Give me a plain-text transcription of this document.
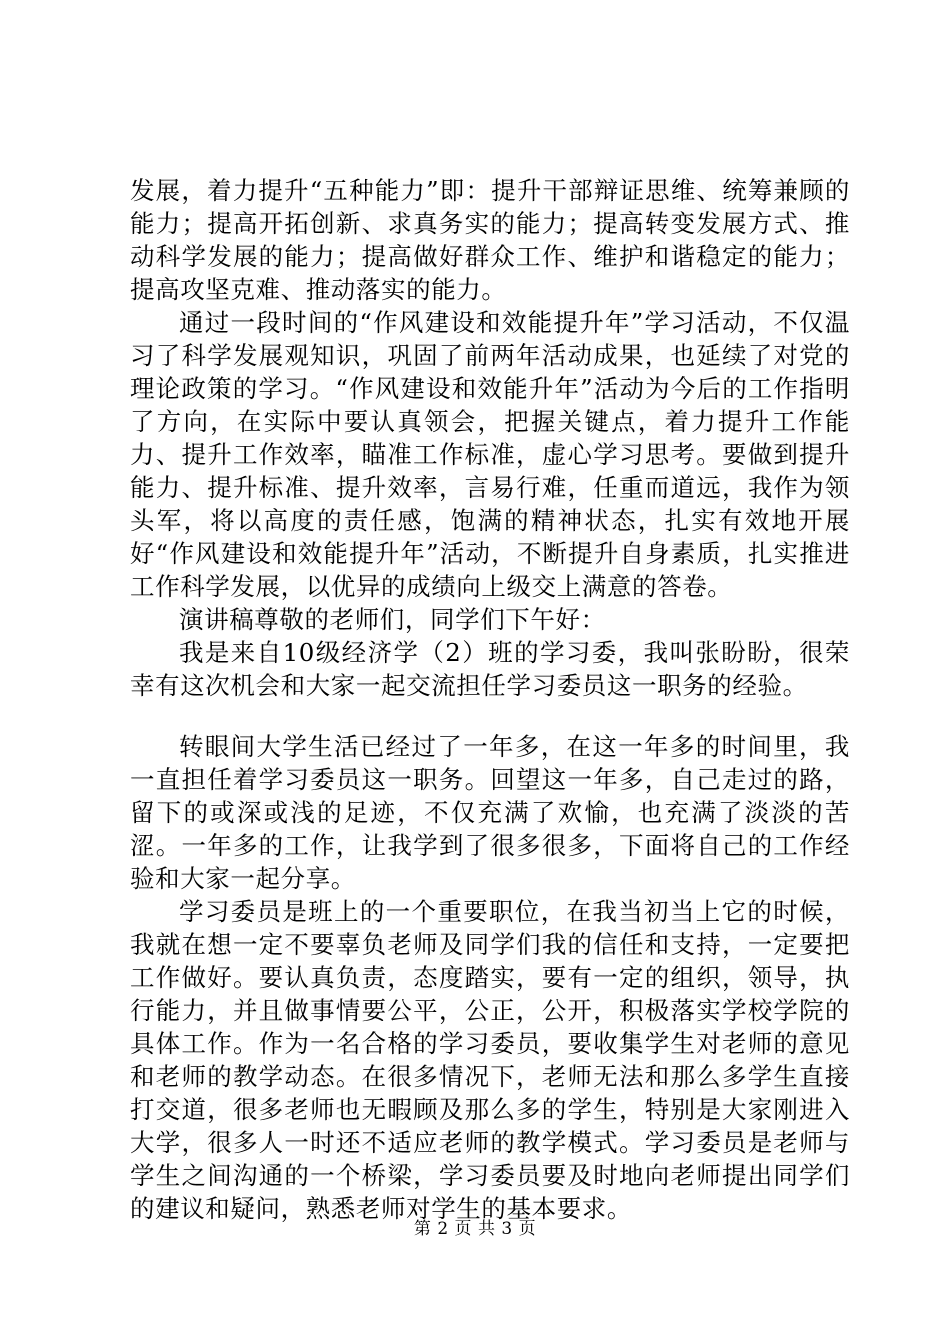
发展，着力提升“五种能力”即：提升干部辩证思维、统筹兼顾的能力；提高开拓创新、求真务实的能力；提高转变发展方式、推动科学发展的能力；提高做好群众工作、维护和谐稳定的能力；提高攻坚克难、推动落实的能力。

通过一段时间的“作风建设和效能提升年”学习活动，不仅温习了科学发展观知识，巩固了前两年活动成果，也延续了对党的理论政策的学习。“作风建设和效能升年”活动为今后的工作指明了方向，在实际中要认真领会，把握关键点，着力提升工作能力、提升工作效率，瞄准工作标准，虚心学习思考。要做到提升能力、提升标准、提升效率，言易行难，任重而道远，我作为领头军，将以高度的责任感，饱满的精神状态，扎实有效地开展好“作风建设和效能提升年”活动，不断提升自身素质，扎实推进工作科学发展，以优异的成绩向上级交上满意的答卷。

演讲稿尊敬的老师们，同学们下午好：

我是来自10级经济学（2）班的学习委，我叫张盼盼，很荣幸有这次机会和大家一起交流担任学习委员这一职务的经验。

转眼间大学生活已经过了一年多，在这一年多的时间里，我一直担任着学习委员这一职务。回望这一年多，自己走过的路，留下的或深或浅的足迹，不仅充满了欢愉，也充满了淡淡的苦涩。一年多的工作，让我学到了很多很多，下面将自己的工作经验和大家一起分享。

学习委员是班上的一个重要职位，在我当初当上它的时候，我就在想一定不要辜负老师及同学们我的信任和支持，一定要把工作做好。要认真负责，态度踏实，要有一定的组织，领导，执行能力，并且做事情要公平，公正，公开，积极落实学校学院的具体工作。作为一名合格的学习委员，要收集学生对老师的意见和老师的教学动态。在很多情况下，老师无法和那么多学生直接打交道，很多老师也无暇顾及那么多的学生，特别是大家刚进入大学，很多人一时还不适应老师的教学模式。学习委员是老师与学生之间沟通的一个桥梁，学习委员要及时地向老师提出同学们的建议和疑问，熟悉老师对学生的基本要求。

第 2 页 共 3 页
